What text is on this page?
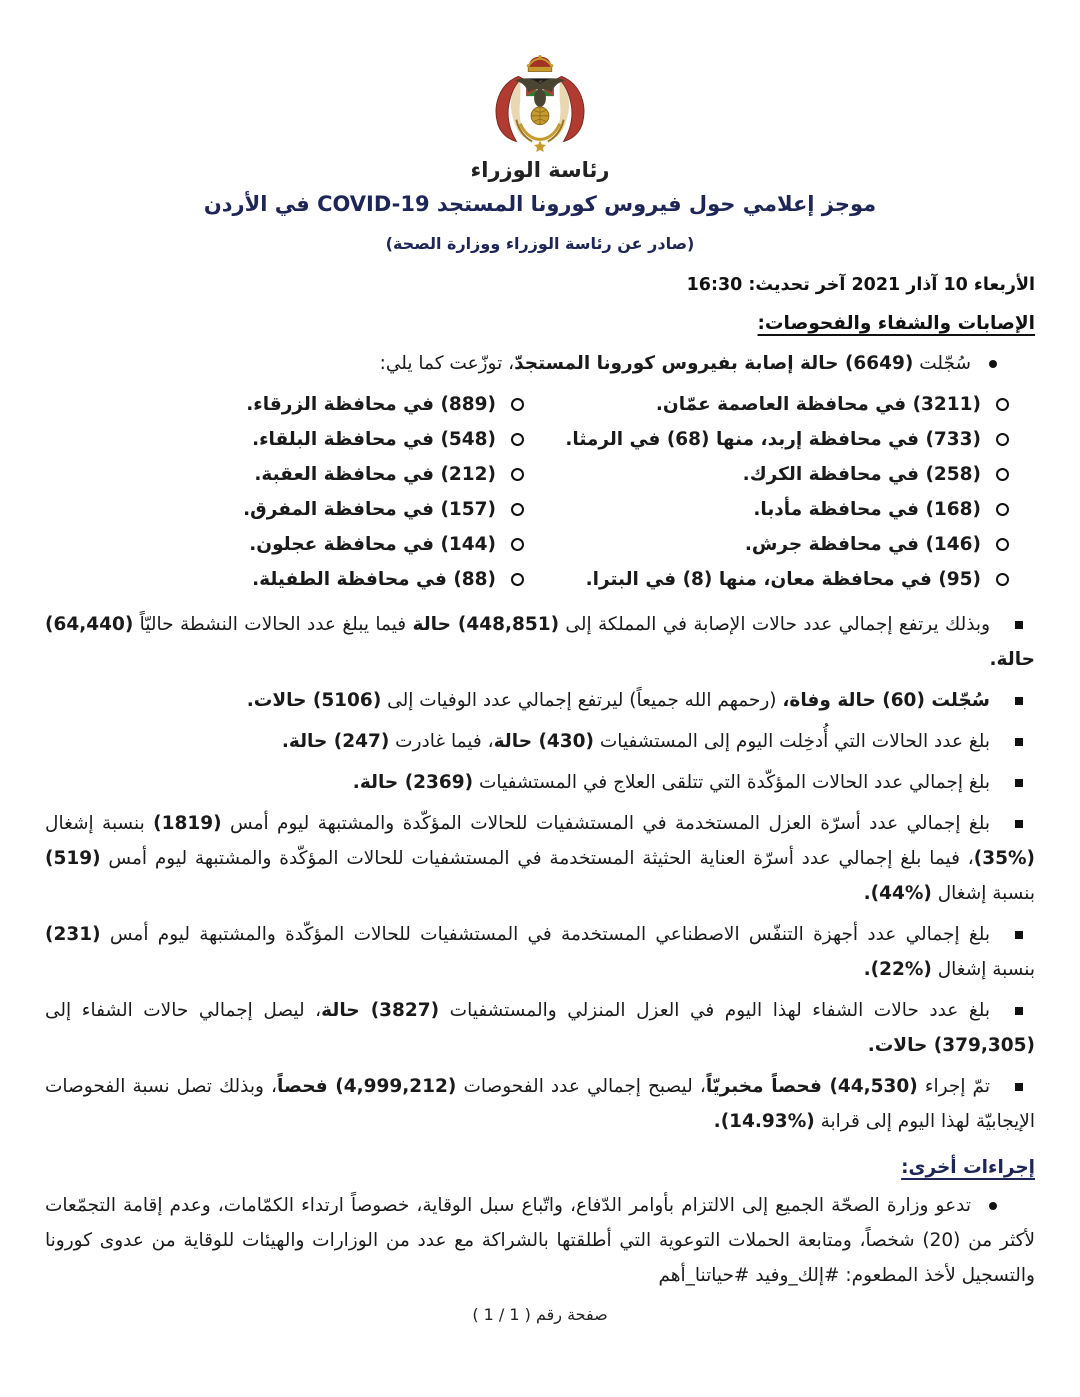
رئاسة الوزراء
موجز إعلامي حول فيروس كورونا المستجد COVID-19 في الأردن
(صادر عن رئاسة الوزراء ووزارة الصحة)
الأربعاء 10 آذار 2021 آخر تحديث: 16:30
الإصابات والشفاء والفحوصات:

سُجّلت (6649) حالة إصابة بفيروس كورونا المستجدّ، توزّعت كما يلي:

(3211) في محافظة العاصمة عمّان.
(889) في محافظة الزرقاء.
(733) في محافظة إربد، منها (68) في الرمثا.
(548) في محافظة البلقاء.
(258) في محافظة الكرك.
(212) في محافظة العقبة.
(168) في محافظة مأدبا.
(157) في محافظة المفرق.
(146) في محافظة جرش.
(144) في محافظة عجلون.
(95) في محافظة معان، منها (8) في البترا.
(88) في محافظة الطفيلة.

وبذلك يرتفع إجمالي عدد حالات الإصابة في المملكة إلى (448,851) حالة فيما يبلغ عدد الحالات النشطة حاليّاً (64,440) حالة.

سُجّلت (60) حالة وفاة، (رحمهم الله جميعاً) ليرتفع إجمالي عدد الوفيات إلى (5106) حالات.

بلغ عدد الحالات التي أُدخِلت اليوم إلى المستشفيات (430) حالة، فيما غادرت (247) حالة.

بلغ إجمالي عدد الحالات المؤكّدة التي تتلقى العلاج في المستشفيات (2369) حالة.

بلغ إجمالي عدد أسرّة العزل المستخدمة في المستشفيات للحالات المؤكّدة والمشتبهة ليوم أمس (1819) بنسبة إشغال (%35)، فيما بلغ إجمالي عدد أسرّة العناية الحثيثة المستخدمة في المستشفيات للحالات المؤكّدة والمشتبهة ليوم أمس (519) بنسبة إشغال (%44).

بلغ إجمالي عدد أجهزة التنفّس الاصطناعي المستخدمة في المستشفيات للحالات المؤكّدة والمشتبهة ليوم أمس (231) بنسبة إشغال (%22).

بلغ عدد حالات الشفاء لهذا اليوم في العزل المنزلي والمستشفيات (3827) حالة، ليصل إجمالي حالات الشفاء إلى (379,305) حالات.

تمّ إجراء (44,530) فحصاً مخبريّاً، ليصبح إجمالي عدد الفحوصات (4,999,212) فحصاً، وبذلك تصل نسبة الفحوصات الإيجابيّة لهذا اليوم إلى قرابة (%14.93).

إجراءات أخرى:

تدعو وزارة الصحّة الجميع إلى الالتزام بأوامر الدّفاع، واتّباع سبل الوقاية، خصوصاً ارتداء الكمّامات، وعدم إقامة التجمّعات لأكثر من (20) شخصاً، ومتابعة الحملات التوعوية التي أطلقتها بالشراكة مع عدد من الوزارات والهيئات للوقاية من عدوى كورونا والتسجيل لأخذ المطعوم: #إلك_وفيد #حياتنا_أهم

صفحة رقم ( 1 / 1 )
